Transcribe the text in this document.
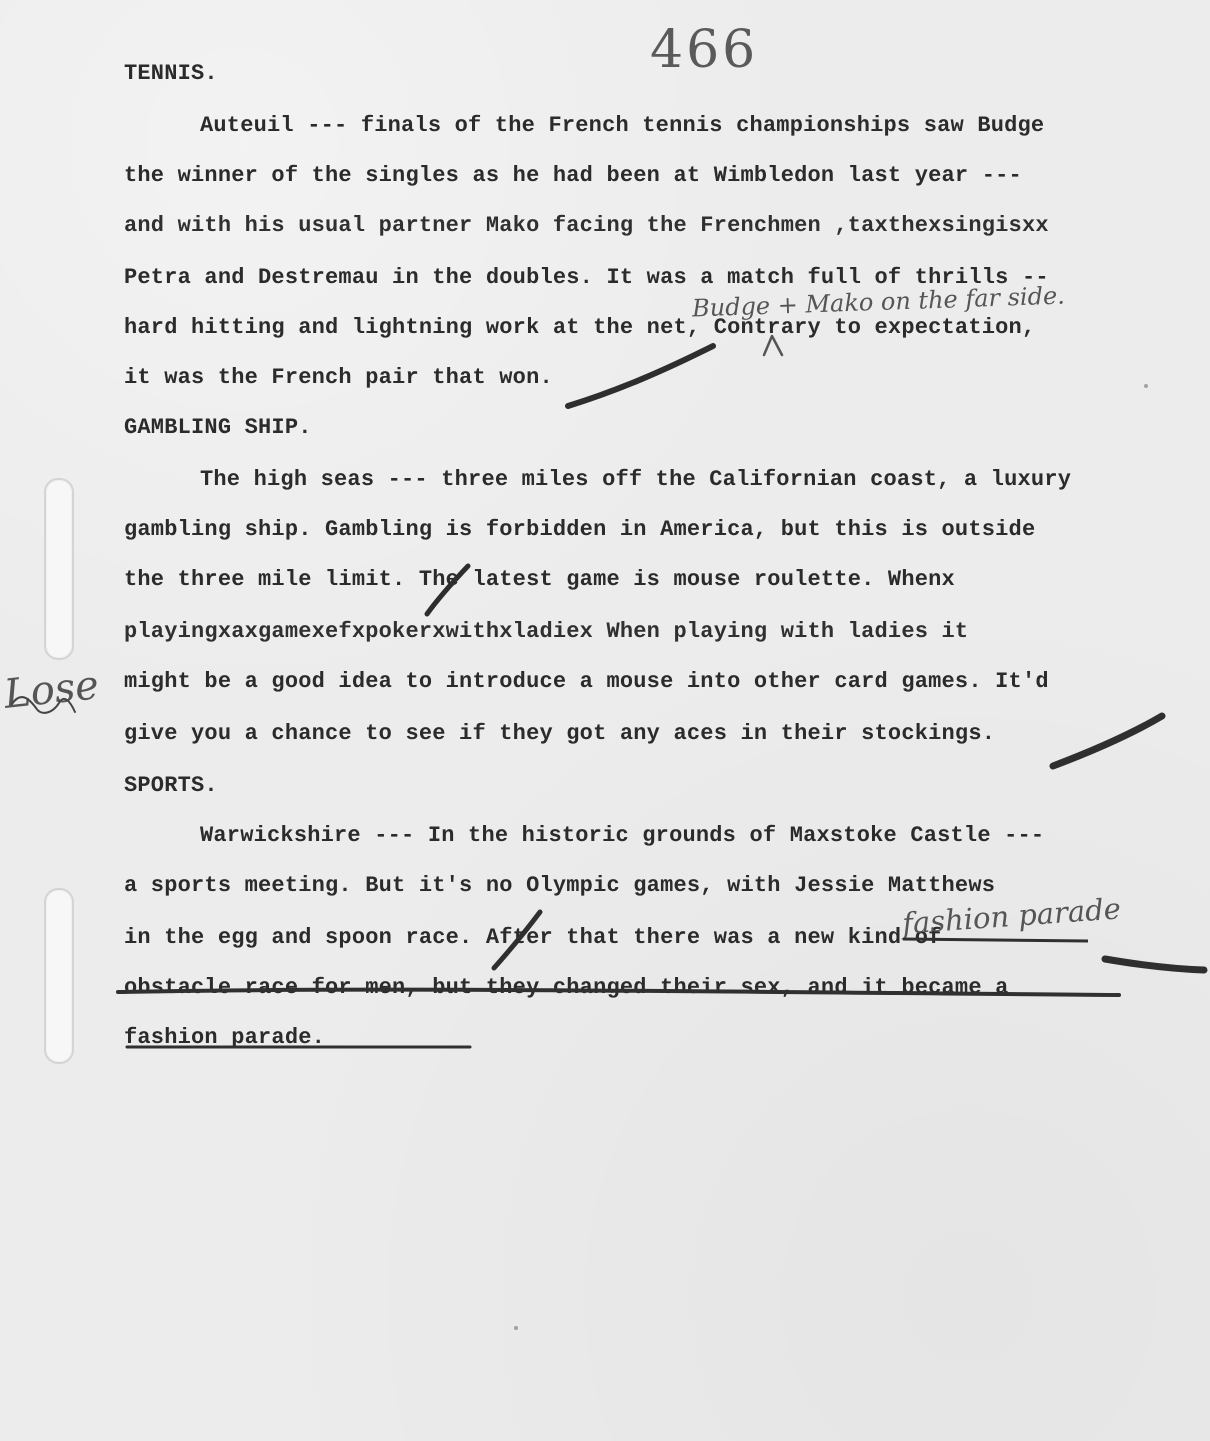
466
Lose
TENNIS.
Auteuil --- finals of the French tennis championships saw Budge
the winner of the singles as he had been at Wimbledon last year ---
and with his usual partner Mako facing the Frenchmen ,taxthexsingisxx
Petra and Destremau in the doubles. It was a match full of thrills --
Budge + Mako on the far side.
hard hitting and lightning work at the net, Contrary to expectation,
it was the French pair that won.
GAMBLING SHIP.
The high seas --- three miles off the Californian coast, a luxury
gambling ship. Gambling is forbidden in America, but this is outside
the three mile limit. The latest game is mouse roulette. Whenx
playingxaxgamexefxpokerxwithxladiex When playing with ladies it
might be a good idea to introduce a mouse into other card games. It'd
give you a chance to see if they got any aces in their stockings.
SPORTS.
Warwickshire --- In the historic grounds of Maxstoke Castle ---
a sports meeting. But it's no Olympic games, with Jessie Matthews
in the egg and spoon race. After that there was a new kind of
fashion parade
obstacle race for men, but they changed their sex, and it became a
fashion parade.
